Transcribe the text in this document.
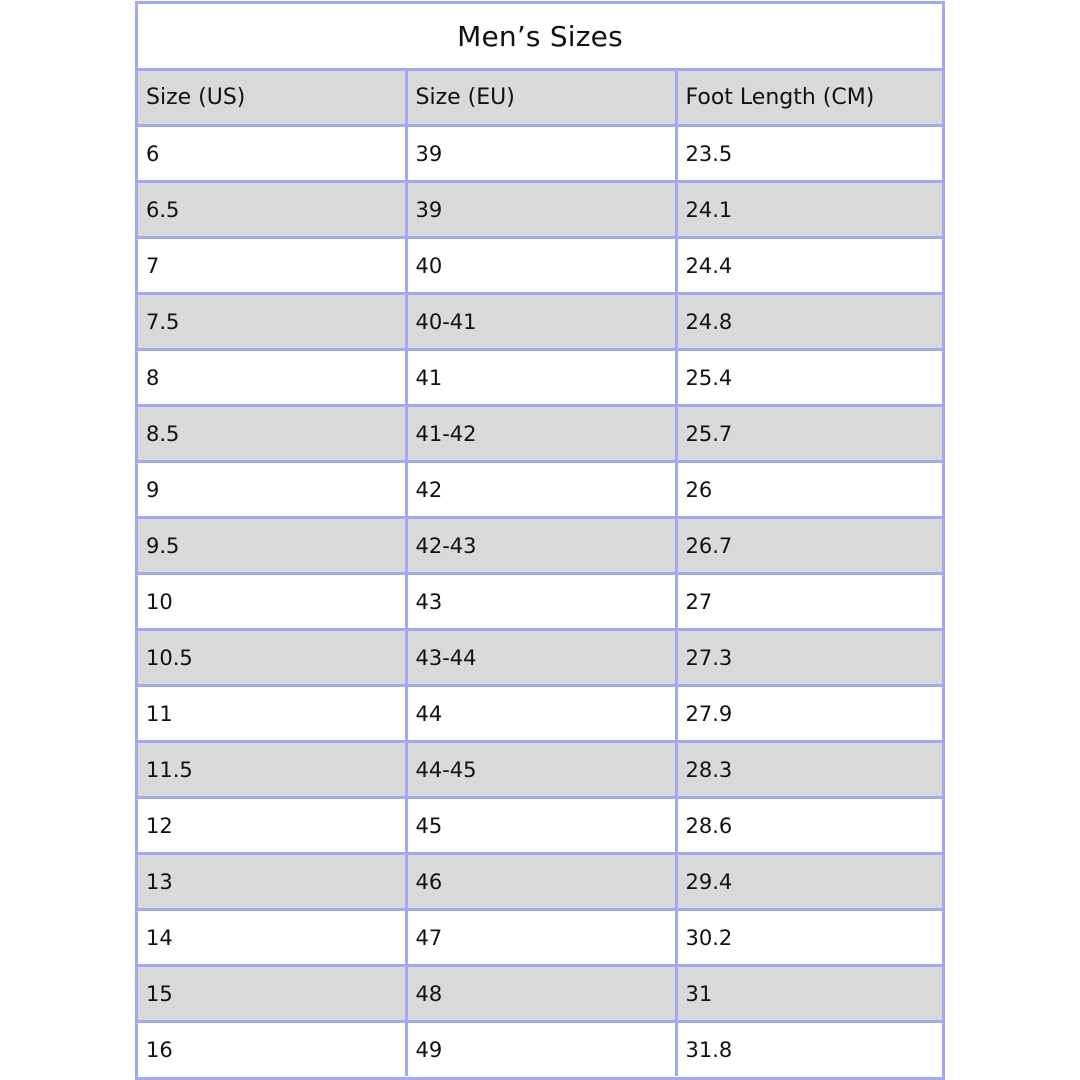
Men’s Sizes
Size (US)	Size (EU)	Foot Length (CM)
6	39	23.5
6.5	39	24.1
7	40	24.4
7.5	40-41	24.8
8	41	25.4
8.5	41-42	25.7
9	42	26
9.5	42-43	26.7
10	43	27
10.5	43-44	27.3
11	44	27.9
11.5	44-45	28.3
12	45	28.6
13	46	29.4
14	47	30.2
15	48	31
16	49	31.8
